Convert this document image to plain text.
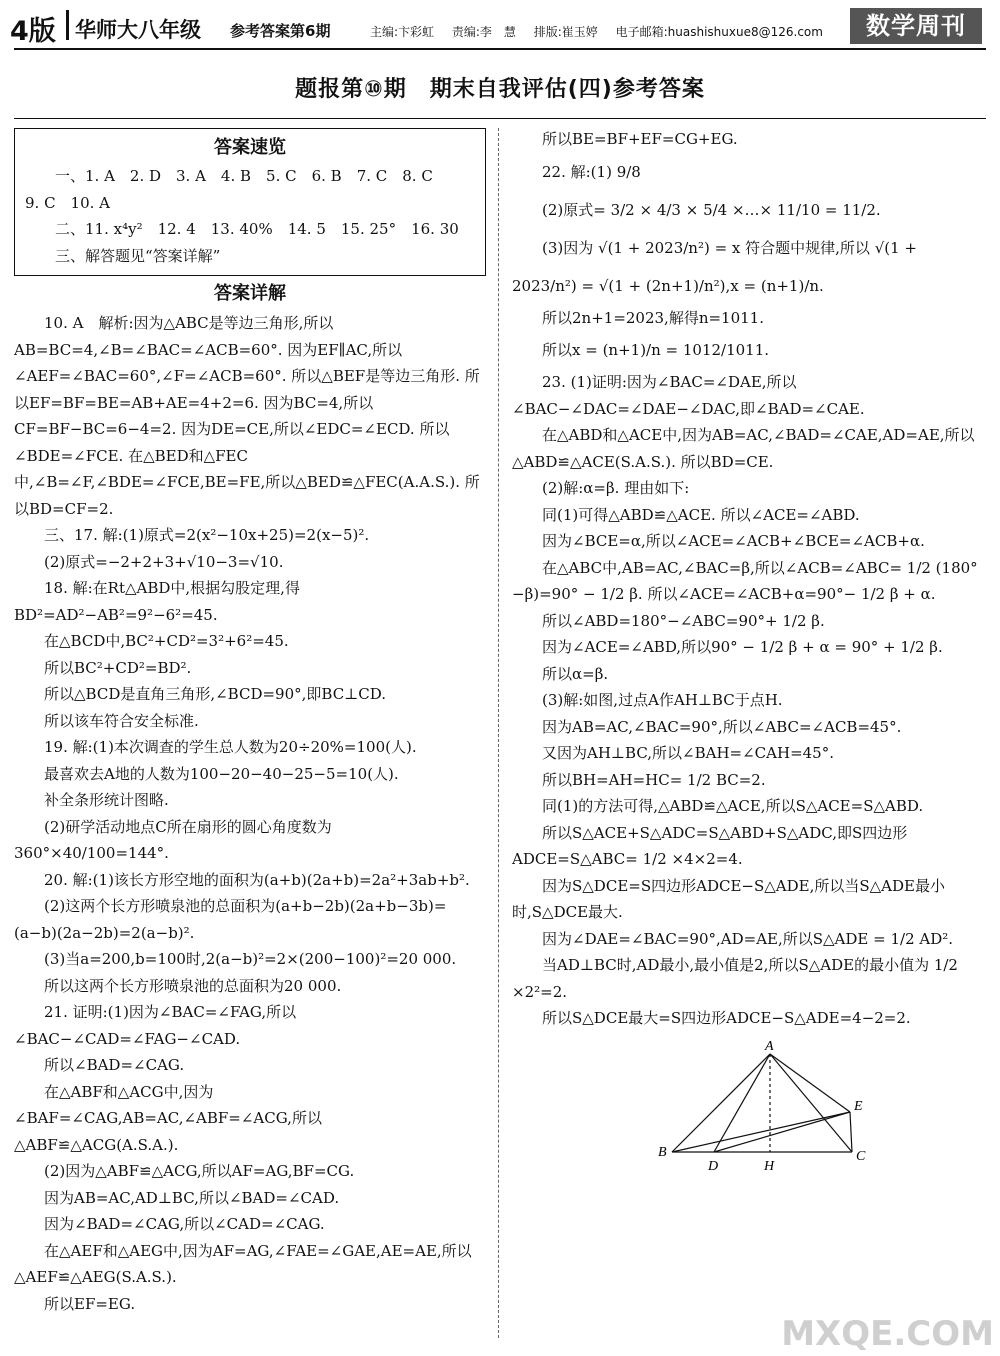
4版 华师大八年级 参考答案第6期	主编:卞彩虹 责编:李　慧 排版:崔玉婷 电子邮箱:huashishuxue8@126.com	数学周刊
题报第⑩期　期末自我评估(四)参考答案
答案速览

一、1. A　2. D　3. A　4. B　5. C　6. B　7. C　8. C

9. C　10. A

二、11. x⁴y²　12. 4　13. 40%　14. 5　15. 25°　16. 30

三、解答题见“答案详解”

答案详解

10. A　解析:因为△ABC是等边三角形,所以AB=BC=4,∠B=∠BAC=∠ACB=60°. 因为EF∥AC,所以∠AEF=∠BAC=60°,∠F=∠ACB=60°. 所以△BEF是等边三角形. 所以EF=BF=BE=AB+AE=4+2=6. 因为BC=4,所以CF=BF−BC=6−4=2. 因为DE=CE,所以∠EDC=∠ECD. 所以∠BDE=∠FCE. 在△BED和△FEC中,∠B=∠F,∠BDE=∠FCE,BE=FE,所以△BED≌△FEC(A.A.S.). 所以BD=CF=2.

三、17. 解:(1)原式=2(x²−10x+25)=2(x−5)².

(2)原式=−2+2+3+√10−3=√10.

18. 解:在Rt△ABD中,根据勾股定理,得BD²=AD²−AB²=9²−6²=45.

在△BCD中,BC²+CD²=3²+6²=45.

所以BC²+CD²=BD².

所以△BCD是直角三角形,∠BCD=90°,即BC⊥CD.

所以该车符合安全标准.

19. 解:(1)本次调查的学生总人数为20÷20%=100(人).

最喜欢去A地的人数为100−20−40−25−5=10(人).

补全条形统计图略.

(2)研学活动地点C所在扇形的圆心角度数为360°×40/100=144°.

20. 解:(1)该长方形空地的面积为(a+b)(2a+b)=2a²+3ab+b².

(2)这两个长方形喷泉池的总面积为(a+b−2b)(2a+b−3b)=(a−b)(2a−2b)=2(a−b)².

(3)当a=200,b=100时,2(a−b)²=2×(200−100)²=20 000.

所以这两个长方形喷泉池的总面积为20 000.

21. 证明:(1)因为∠BAC=∠FAG,所以∠BAC−∠CAD=∠FAG−∠CAD.

所以∠BAD=∠CAG.

在△ABF和△ACG中,因为∠BAF=∠CAG,AB=AC,∠ABF=∠ACG,所以△ABF≌△ACG(A.S.A.).

(2)因为△ABF≌△ACG,所以AF=AG,BF=CG.

因为AB=AC,AD⊥BC,所以∠BAD=∠CAD.

因为∠BAD=∠CAG,所以∠CAD=∠CAG.

在△AEF和△AEG中,因为AF=AG,∠FAE=∠GAE,AE=AE,所以△AEF≌△AEG(S.A.S.).

所以EF=EG.

所以BE=BF+EF=CG+EG.

22. 解:(1) 9/8

(2)原式= 3/2 × 4/3 × 5/4 ×…× 11/10 = 11/2.

(3)因为 √(1 + 2023/n²) = x 符合题中规律,所以 √(1 + 2023/n²) = √(1 + (2n+1)/n²),x = (n+1)/n.

所以2n+1=2023,解得n=1011.

所以x = (n+1)/n = 1012/1011.

23. (1)证明:因为∠BAC=∠DAE,所以∠BAC−∠DAC=∠DAE−∠DAC,即∠BAD=∠CAE.

在△ABD和△ACE中,因为AB=AC,∠BAD=∠CAE,AD=AE,所以△ABD≌△ACE(S.A.S.). 所以BD=CE.

(2)解:α=β. 理由如下:

同(1)可得△ABD≌△ACE. 所以∠ACE=∠ABD.

因为∠BCE=α,所以∠ACE=∠ACB+∠BCE=∠ACB+α.

在△ABC中,AB=AC,∠BAC=β,所以∠ACB=∠ABC= 1/2 (180°−β)=90° − 1/2 β. 所以∠ACE=∠ACB+α=90°− 1/2 β + α.

所以∠ABD=180°−∠ABC=90°+ 1/2 β.

因为∠ACE=∠ABD,所以90° − 1/2 β + α = 90° + 1/2 β.

所以α=β.

(3)解:如图,过点A作AH⊥BC于点H.

因为AB=AC,∠BAC=90°,所以∠ABC=∠ACB=45°.

又因为AH⊥BC,所以∠BAH=∠CAH=45°.

所以BH=AH=HC= 1/2 BC=2.

同(1)的方法可得,△ABD≌△ACE,所以S△ACE=S△ABD.

所以S△ACE+S△ADC=S△ABD+S△ADC,即S四边形ADCE=S△ABC= 1/2 ×4×2=4.

因为S△DCE=S四边形ADCE−S△ADE,所以当S△ADE最小时,S△DCE最大.

因为∠DAE=∠BAC=90°,AD=AE,所以S△ADE = 1/2 AD².

当AD⊥BC时,AD最小,最小值是2,所以S△ADE的最小值为 1/2 ×2²=2.

所以S△DCE最大=S四边形ADCE−S△ADE=4−2=2.

A
B	C
D
E
H
MXQE.COM
